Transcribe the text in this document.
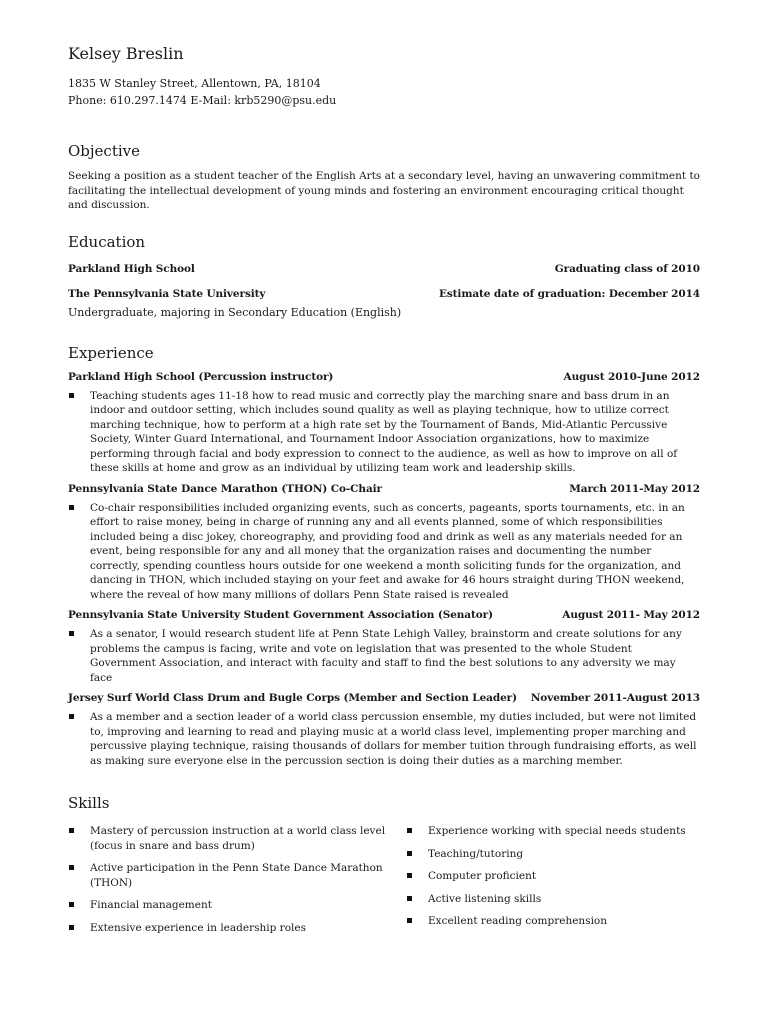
Kelsey Breslin
1835 W Stanley Street, Allentown, PA, 18104
Phone: 610.297.1474 E-Mail: krb5290@psu.edu
Objective
Seeking a position as a student teacher of the English Arts at a secondary level, having an unwavering commitment to facilitating the intellectual development of young minds and fostering an environment encouraging critical thought and discussion.
Education
Parkland High School	Graduating class of 2010
The Pennsylvania State University	Estimate date of graduation: December 2014
Undergraduate, majoring in Secondary Education (English)
Experience
Parkland High School (Percussion instructor)	August 2010-June 2012
Teaching students ages 11-18 how to read music and correctly play the marching snare and bass drum in an indoor and outdoor setting, which includes sound quality as well as playing technique, how to utilize correct marching technique, how to perform at a high rate set by the Tournament of Bands, Mid-Atlantic Percussive Society, Winter Guard International, and Tournament Indoor Association organizations, how to maximize performing through facial and body expression to connect to the audience, as well as how to improve on all of these skills at home and grow as an individual by utilizing team work and leadership skills.
Pennsylvania State Dance Marathon (THON) Co-Chair	March 2011-May 2012
Co-chair responsibilities included organizing events, such as concerts, pageants, sports tournaments, etc. in an effort to raise money, being in charge of running any and all events planned, some of which responsibilities included being a disc jokey, choreography, and providing food and drink as well as any materials needed for an event, being responsible for any and all money that the organization raises and documenting the number correctly, spending countless hours outside for one weekend a month soliciting funds for the organization, and dancing in THON, which included staying on your feet and awake for 46 hours straight during THON weekend, where the reveal of how many millions of dollars Penn State raised is revealed
Pennsylvania State University Student Government Association (Senator)	August 2011- May 2012
As a senator, I would research student life at Penn State Lehigh Valley, brainstorm and create solutions for any problems the campus is facing, write and vote on legislation that was presented to the whole Student Government Association, and interact with faculty and staff to find the best solutions to any adversity we may face
Jersey Surf World Class Drum and Bugle Corps (Member and Section Leader) November 2011-August 2013
As a member and a section leader of a world class percussion ensemble, my duties included, but were not limited to, improving and learning to read and playing music at a world class level, implementing proper marching and percussive playing technique, raising thousands of dollars for member tuition through fundraising efforts, as well as making sure everyone else in the percussion section is doing their duties as a marching member.
Skills
Mastery of percussion instruction at a world class level (focus in snare and bass drum)
Active participation in the Penn State Dance Marathon (THON)
Financial management
Extensive experience in leadership roles
Experience working with special needs students
Teaching/tutoring
Computer proficient
Active listening skills
Excellent reading comprehension
